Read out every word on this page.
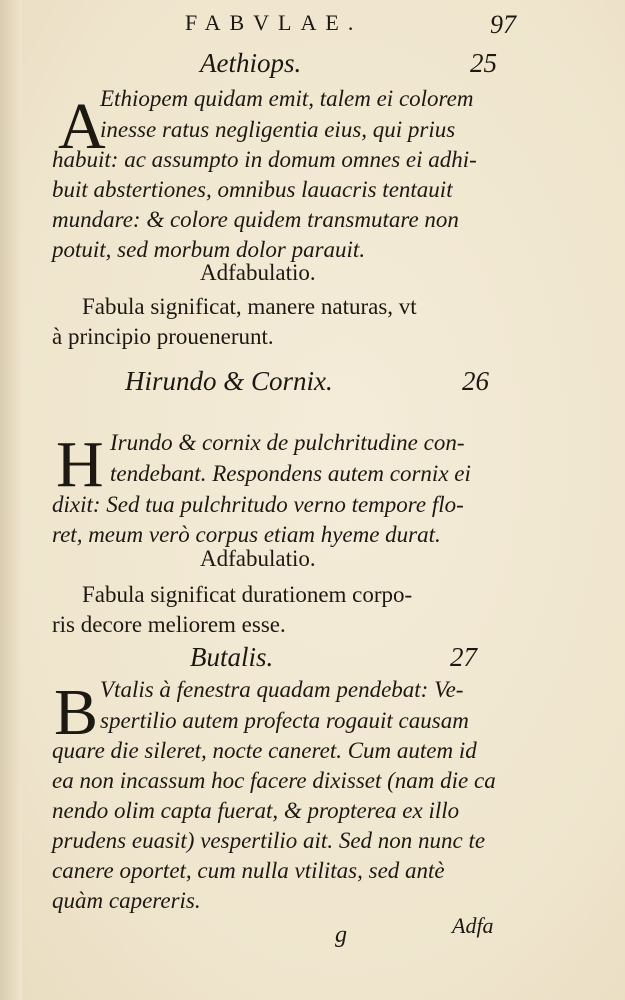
FABVLAE.	97

Aethiops.	25

A

Ethiopem quidam emit, talem ei colorem

inesse ratus negligentia eius, qui prius

habuit: ac assumpto in domum omnes ei adhi-

buit abstertiones, omnibus lauacris tentauit

mundare: & colore quidem transmutare non

potuit, sed morbum dolor parauit.

Adfabulatio.

Fabula significat, manere naturas, vt

à principio prouenerunt.

Hirundo & Cornix.	26

H Irundo & cornix de pulchritudine con-

tendebant. Respondens autem cornix ei

dixit: Sed tua pulchritudo verno tempore flo-

ret, meum verò corpus etiam hyeme durat.

Adfabulatio.

Fabula significat durationem corpo-

ris decore meliorem esse.

Butalis.	27

B Vtalis à fenestra quadam pendebat: Ve-

spertilio autem profecta rogauit causam

quare die sileret, nocte caneret. Cum autem id

ea non incassum hoc facere dixisset (nam die ca

nendo olim capta fuerat, & propterea ex illo

prudens euasit) vespertilio ait. Sed non nunc te

canere oportet, cum nulla vtilitas, sed antè

quàm capereris.

g	Adfa
